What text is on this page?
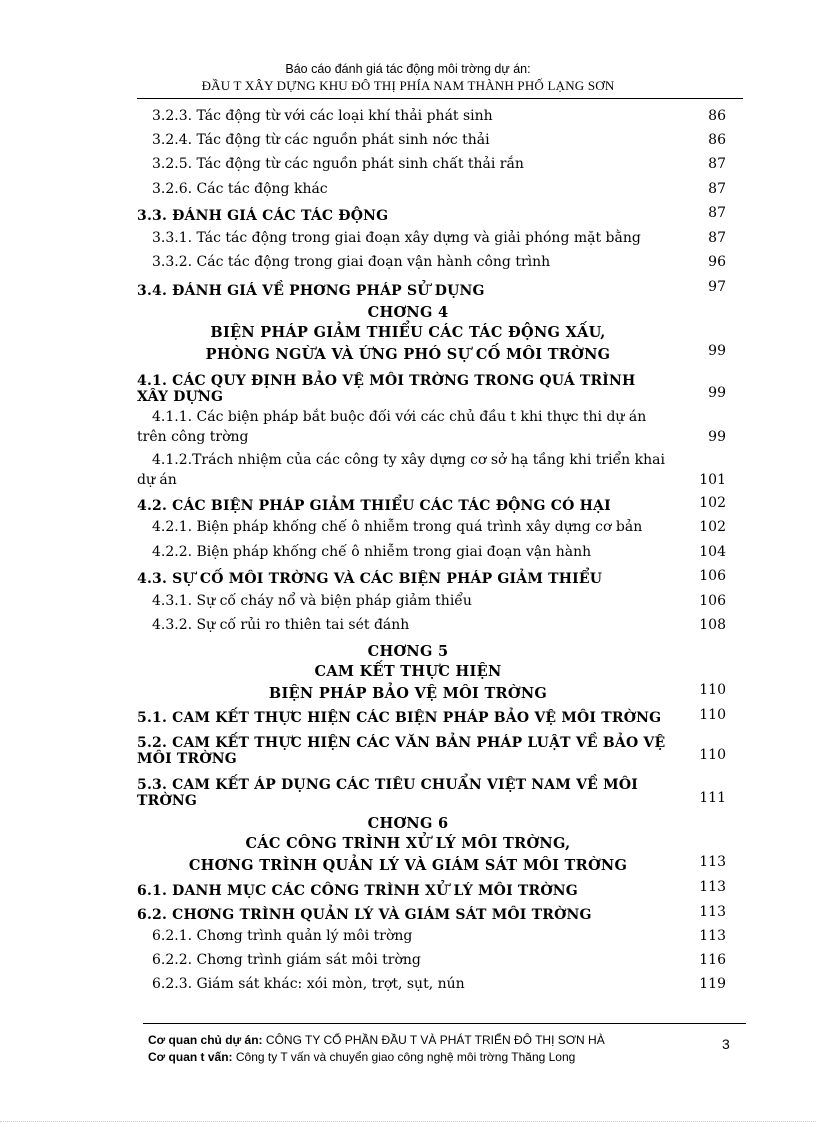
Báo cáo đánh giá tác động môi trờng dự án:
ĐẦU T XÂY DỰNG KHU ĐÔ THỊ PHÍA NAM THÀNH PHỐ LẠNG SƠN
3.2.3. Tác động từ với các loại khí thải phát sinh	86
3.2.4. Tác động từ các nguồn phát sinh nớc thải	86
3.2.5. Tác động từ các nguồn phát sinh chất thải rắn	87
3.2.6. Các tác động khác	87
3.3. ĐÁNH GIÁ CÁC TÁC ĐỘNG	87
3.3.1. Tác tác động trong giai đoạn xây dựng và giải phóng mặt bằng	87
3.3.2. Các tác động trong giai đoạn vận hành công trình	96
3.4. ĐÁNH GIÁ VỀ PHƠNG PHÁP SỬ DỤNG	97
CHƠNG 4
BIỆN PHÁP GIẢM THIỂU CÁC TÁC ĐỘNG XẤU,
PHÒNG NGỪA VÀ ỨNG PHÓ SỰ CỐ MÔI TRỜNG	99
4.1. CÁC QUY ĐỊNH BẢO VỆ MÔI TRỜNG TRONG QUÁ TRÌNH
XÂY DỰNG	99
4.1.1. Các biện pháp bắt buộc đối với các chủ đầu t khi thực thi dự án
trên công trờng	99
4.1.2.Trách nhiệm của các công ty xây dựng cơ sở hạ tầng khi triển khai
dự án	101
4.2. CÁC BIỆN PHÁP GIẢM THIỂU CÁC TÁC ĐỘNG CÓ HẠI	102
4.2.1. Biện pháp khống chế ô nhiễm trong quá trình xây dựng cơ bản	102
4.2.2. Biện pháp khống chế ô nhiễm trong giai đoạn vận hành	104
4.3. SỰ CỐ MÔI TRỜNG VÀ CÁC BIỆN PHÁP GIẢM THIỂU	106
4.3.1. Sự cố cháy nổ và biện pháp giảm thiểu	106
4.3.2. Sự cố rủi ro thiên tai sét đánh	108
CHƠNG 5
CAM KẾT THỰC HIỆN
BIỆN PHÁP BẢO VỆ MÔI TRỜNG	110
5.1. CAM KẾT THỰC HIỆN CÁC BIỆN PHÁP BẢO VỆ MÔI TRỜNG	110
5.2. CAM KẾT THỰC HIỆN CÁC VĂN BẢN PHÁP LUẬT VỀ BẢO VỆ
MÔI TRỜNG	110
5.3. CAM KẾT ÁP DỤNG CÁC TIÊU CHUẨN VIỆT NAM VỀ MÔI
TRỜNG	111
CHƠNG 6
CÁC CÔNG TRÌNH XỬ LÝ MÔI TRỜNG,
CHƠNG TRÌNH QUẢN LÝ VÀ GIÁM SÁT MÔI TRỜNG	113
6.1. DANH MỤC CÁC CÔNG TRÌNH XỬ LÝ MÔI TRỜNG	113
6.2. CHƠNG TRÌNH QUẢN LÝ VÀ GIÁM SÁT MÔI TRỜNG	113
6.2.1. Chơng trình quản lý môi trờng	113
6.2.2. Chơng trình giám sát môi trờng	116
6.2.3. Giám sát khác: xói mòn, trợt, sụt, nún	119
Cơ quan chủ dự án: CÔNG TY CỔ PHẦN ĐẦU T VÀ PHÁT TRIỂN ĐÔ THỊ SƠN HÀ
Cơ quan t vấn: Công ty T vấn và chuyển giao công nghệ môi trờng Thăng Long
3
